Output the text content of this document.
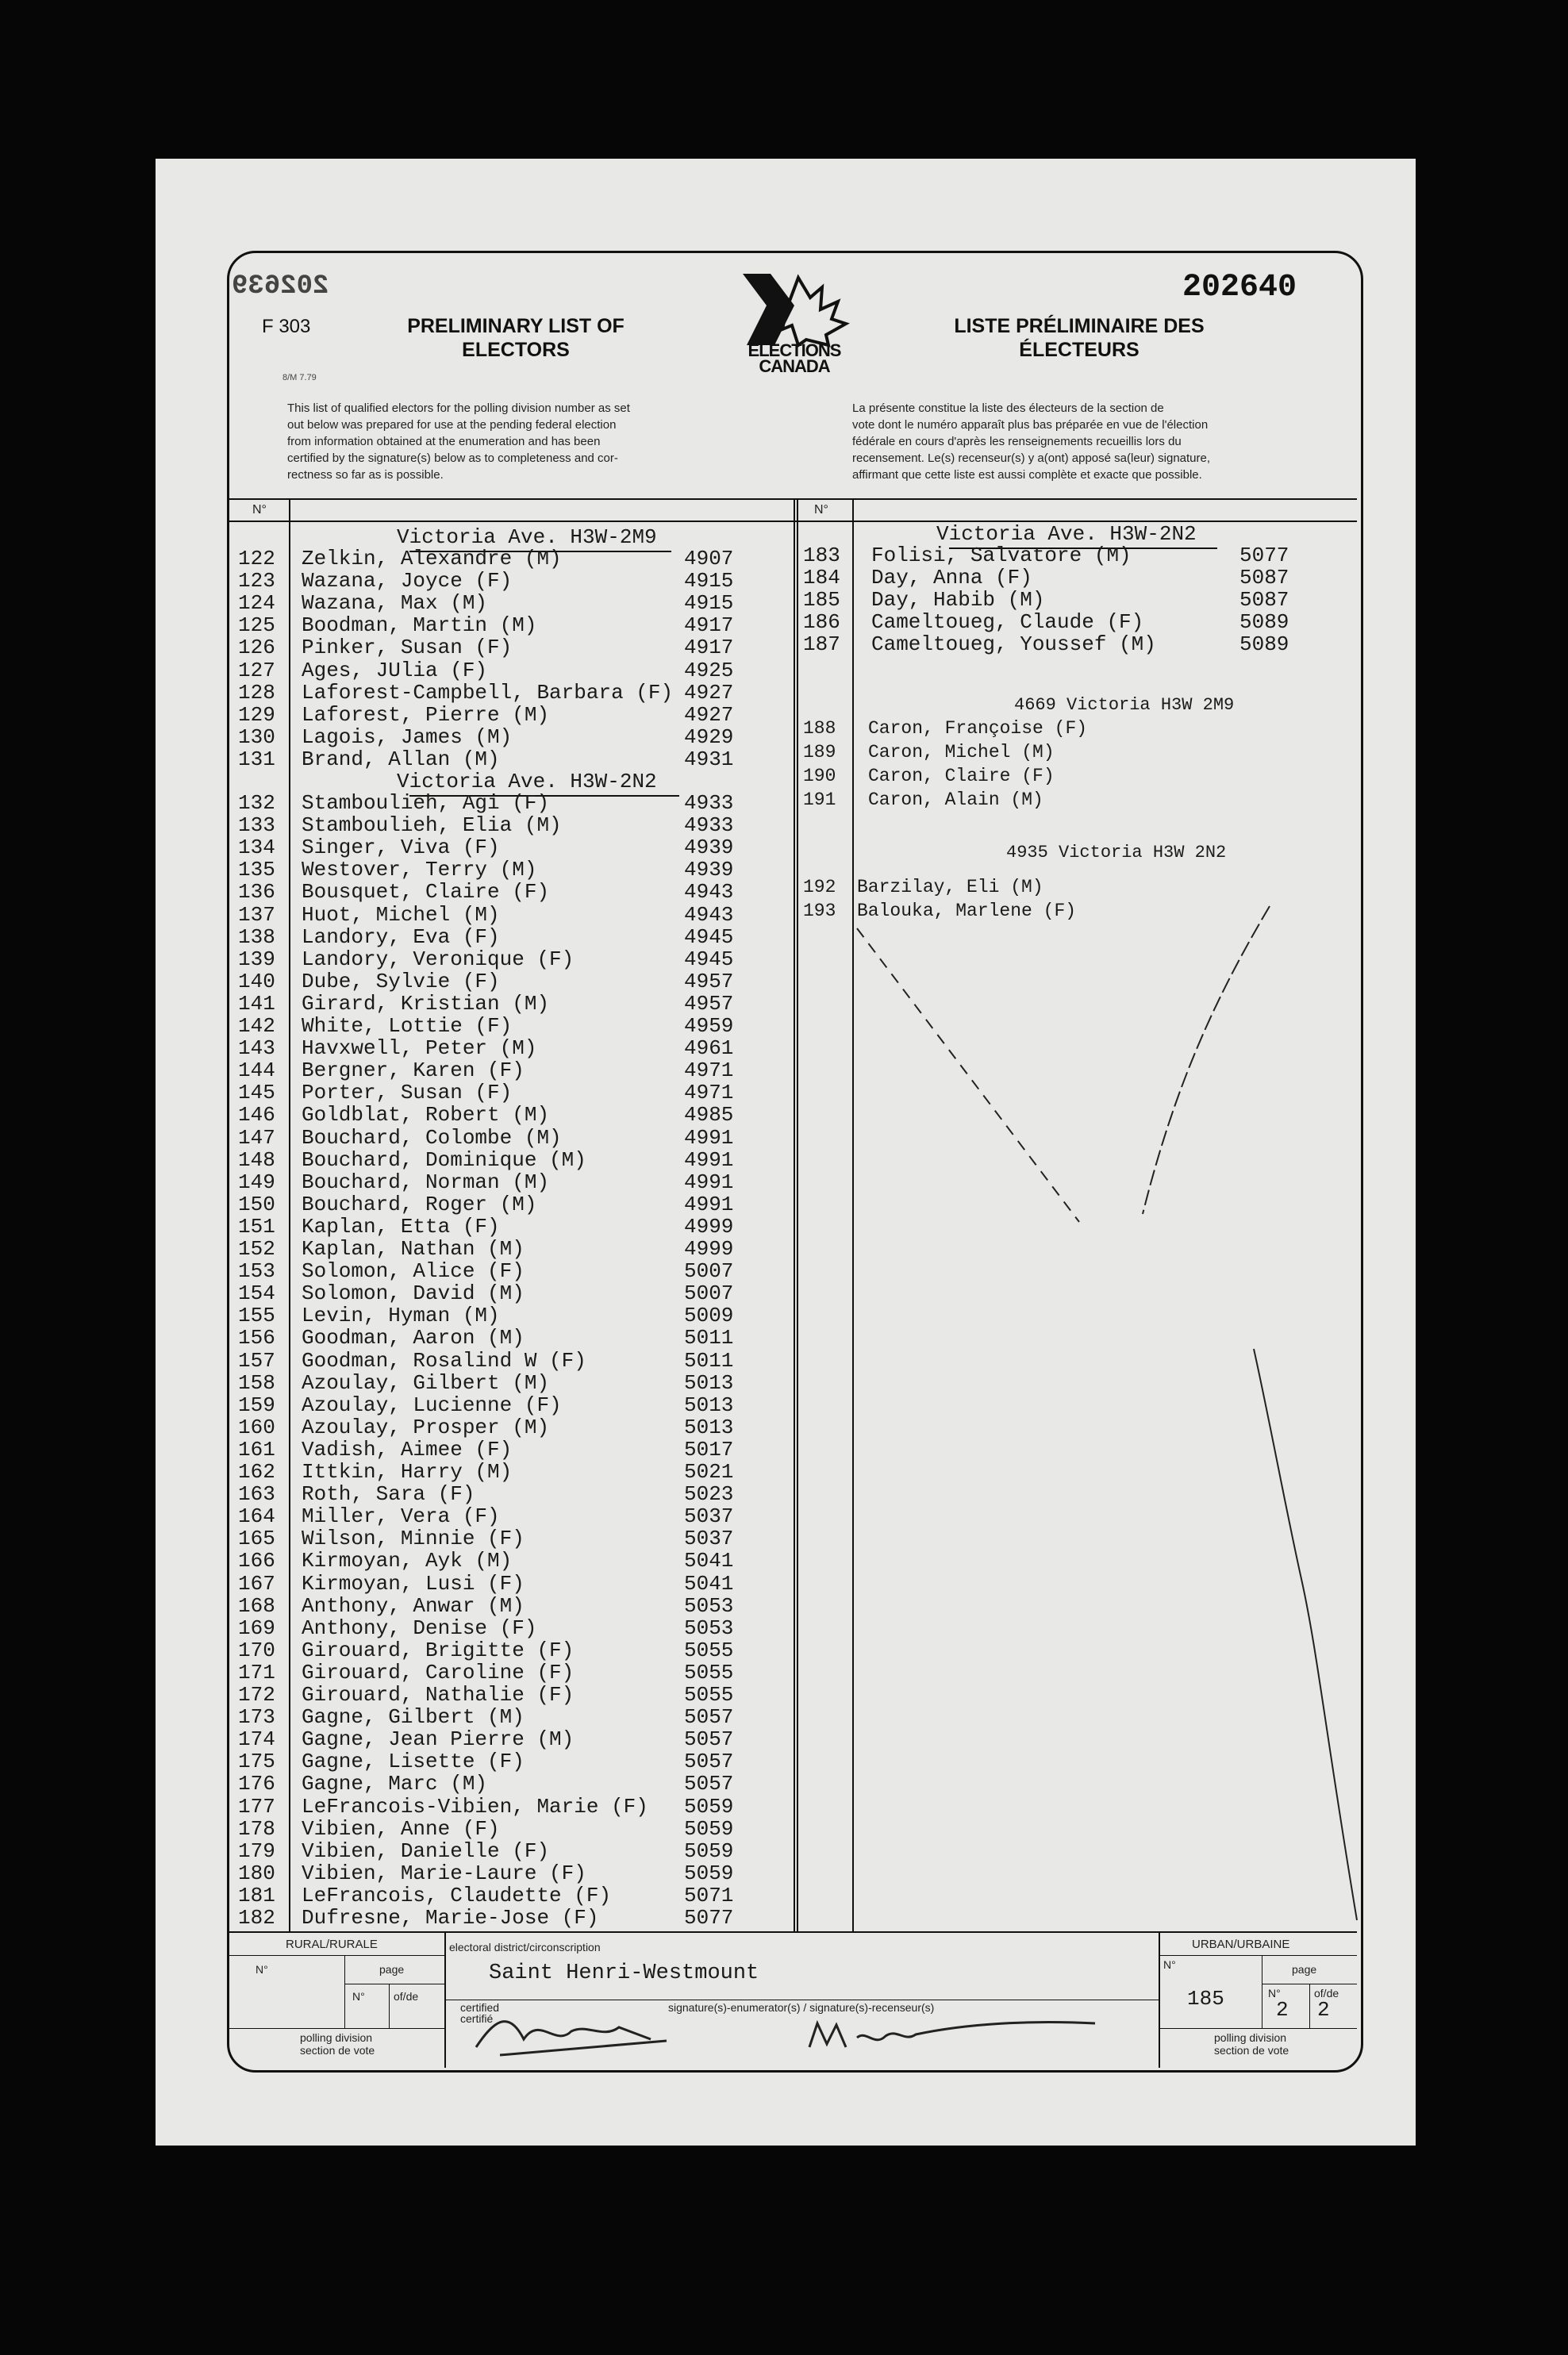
202639	202640
F 303
8/M 7.79
PRELIMINARY LIST OF
ELECTORS
LISTE PRÉLIMINAIRE DES
ÉLECTEURS
ELECTIONS
CANADA
This list of qualified electors for the polling division number as set
out below was prepared for use at the pending federal election
from information obtained at the enumeration and has been
certified by the signature(s) below as to completeness and cor-
rectness so far as is possible.
La présente constitue la liste des électeurs de la section de
vote dont le numéro apparaît plus bas préparée en vue de l'élection
fédérale en cours d'après les renseignements recueillis lors du
recensement. Le(s) recenseur(s) y a(ont) apposé sa(leur) signature,
affirmant que cette liste est aussi complète et exacte que possible.
N°	N°
Victoria Ave. H3W-2M9
122 Zelkin, Alexandre (M)	4907
123 Wazana, Joyce (F)	4915
124 Wazana, Max (M)	4915
125 Boodman, Martin (M)	4917
126 Pinker, Susan (F)	4917
127 Ages, JUlia (F)	4925
128 Laforest-Campbell, Barbara (F) 4927
129 Laforest, Pierre (M)	4927
130 Lagois, James (M)	4929
131 Brand, Allan (M)	4931
Victoria Ave. H3W-2N2
132 Stamboulieh, Agi (F)	4933
133 Stamboulieh, Elia (M)	4933
134 Singer, Viva (F)	4939
135 Westover, Terry (M)	4939
136 Bousquet, Claire (F)	4943
137 Huot, Michel (M)	4943
138 Landory, Eva (F)	4945
139 Landory, Veronique (F)	4945
140 Dube, Sylvie (F)	4957
141 Girard, Kristian (M)	4957
142 White, Lottie (F)	4959
143 Havxwell, Peter (M)	4961
144 Bergner, Karen (F)	4971
145 Porter, Susan (F)	4971
146 Goldblat, Robert (M)	4985
147 Bouchard, Colombe (M)	4991
148 Bouchard, Dominique (M)	4991
149 Bouchard, Norman (M)	4991
150 Bouchard, Roger (M)	4991
151 Kaplan, Etta (F)	4999
152 Kaplan, Nathan (M)	4999
153 Solomon, Alice (F)	5007
154 Solomon, David (M)	5007
155 Levin, Hyman (M)	5009
156 Goodman, Aaron (M)	5011
157 Goodman, Rosalind W (F)	5011
158 Azoulay, Gilbert (M)	5013
159 Azoulay, Lucienne (F)	5013
160 Azoulay, Prosper (M)	5013
161 Vadish, Aimee (F)	5017
162 Ittkin, Harry (M)	5021
163 Roth, Sara (F)	5023
164 Miller, Vera (F)	5037
165 Wilson, Minnie (F)	5037
166 Kirmoyan, Ayk (M)	5041
167 Kirmoyan, Lusi (F)	5041
168 Anthony, Anwar (M)	5053
169 Anthony, Denise (F)	5053
170 Girouard, Brigitte (F)	5055
171 Girouard, Caroline (F)	5055
172 Girouard, Nathalie (F)	5055
173 Gagne, Gilbert (M)	5057
174 Gagne, Jean Pierre (M)	5057
175 Gagne, Lisette (F)	5057
176 Gagne, Marc (M)	5057
177 LeFrancois-Vibien, Marie (F) 5059
178 Vibien, Anne (F)	5059
179 Vibien, Danielle (F)	5059
180 Vibien, Marie-Laure (F)	5059
181 LeFrancois, Claudette (F)	5071
182 Dufresne, Marie-Jose (F)	5077
Victoria Ave. H3W-2N2
183 Folisi, Salvatore (M)	5077
184 Day, Anna (F)	5087
185 Day, Habib (M)	5087
186 Cameltoueg, Claude (F)	5089
187 Cameltoueg, Youssef (M)	5089
4669 Victoria H3W 2M9
188 Caron, Françoise (F)
189 Caron, Michel (M)
190 Caron, Claire (F)
191 Caron, Alain (M)
4935 Victoria H3W 2N2
192 Barzilay, Eli (M)
193 Balouka, Marlene (F)
RURAL/RURALE
N°	page
N°	of/de
polling division
section de vote
electoral district/circonscription
Saint Henri-Westmount
certified
certifié
signature(s)-enumerator(s) / signature(s)-recenseur(s)
URBAN/URBAINE
N°	page
185	N°
2
of/de
2
polling division
section de vote
